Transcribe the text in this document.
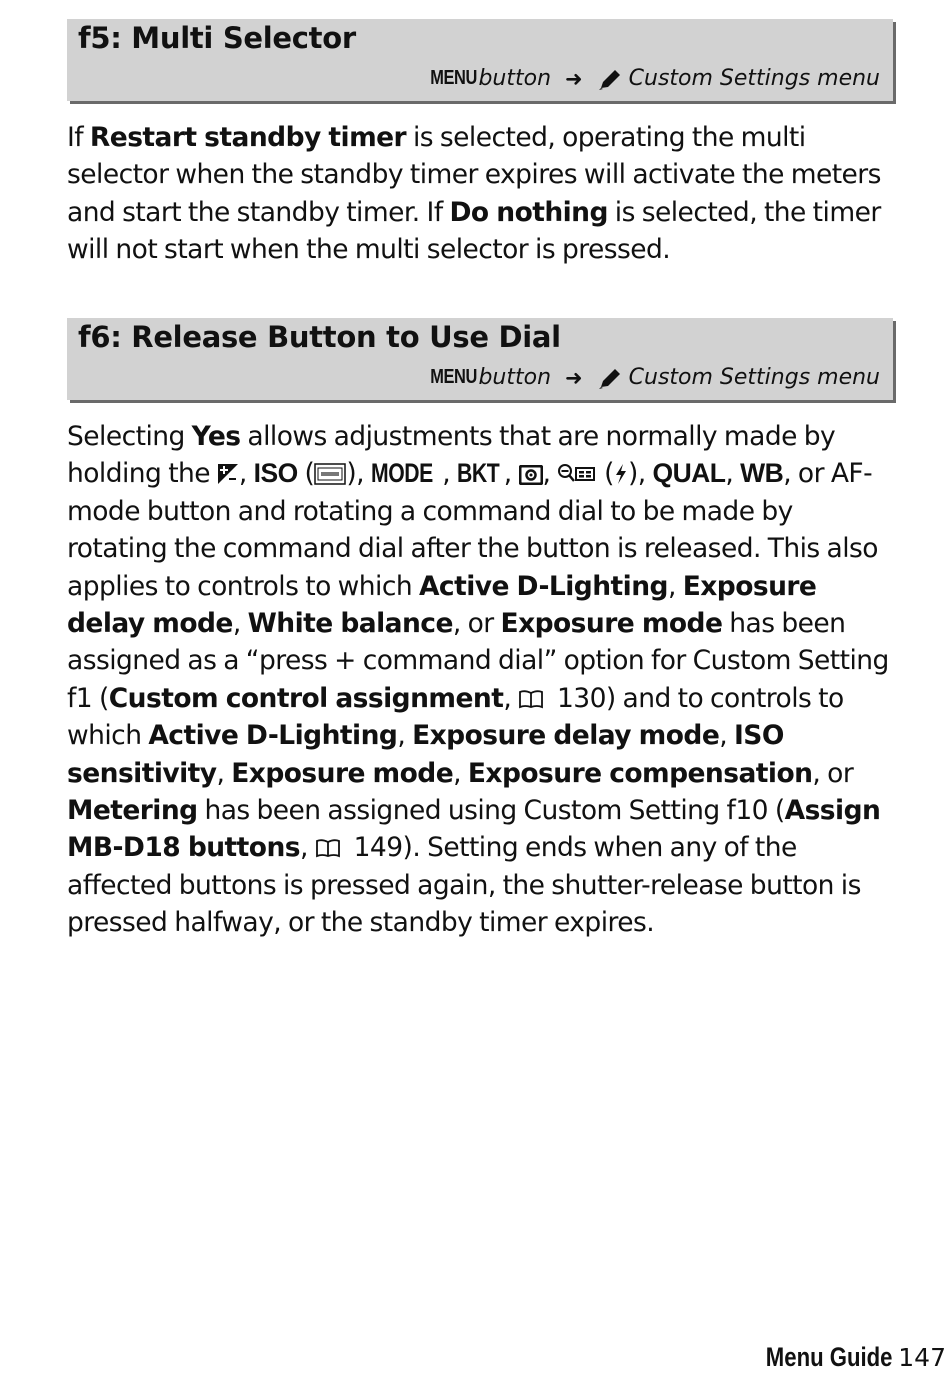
f5: Multi Selector
MENU button ➜ Custom Settings menu
If Restart standby timer is selected, operating the multi selector when the standby timer expires will activate the meters and start the standby timer. If Do nothing is selected, the timer will not start when the multi selector is pressed.
f6: Release Button to Use Dial
MENU button ➜ Custom Settings menu
Selecting Yes allows adjustments that are normally made by holding the , ISO ( ), MODE , BKT , ,  ( ), QUAL, WB, or AF-mode button and rotating a command dial to be made by rotating the command dial after the button is released. This also applies to controls to which Active D-Lighting, Exposure delay mode, White balance, or Exposure mode has been assigned as a “press + command dial” option for Custom Setting f1 (Custom control assignment,  130) and to controls to which Active D-Lighting, Exposure delay mode, ISO sensitivity, Exposure mode, Exposure compensation, or Metering has been assigned using Custom Setting f10 (Assign MB-D18 buttons,  149). Setting ends when any of the affected buttons is pressed again, the shutter-release button is pressed halfway, or the standby timer expires.
Menu Guide 147
